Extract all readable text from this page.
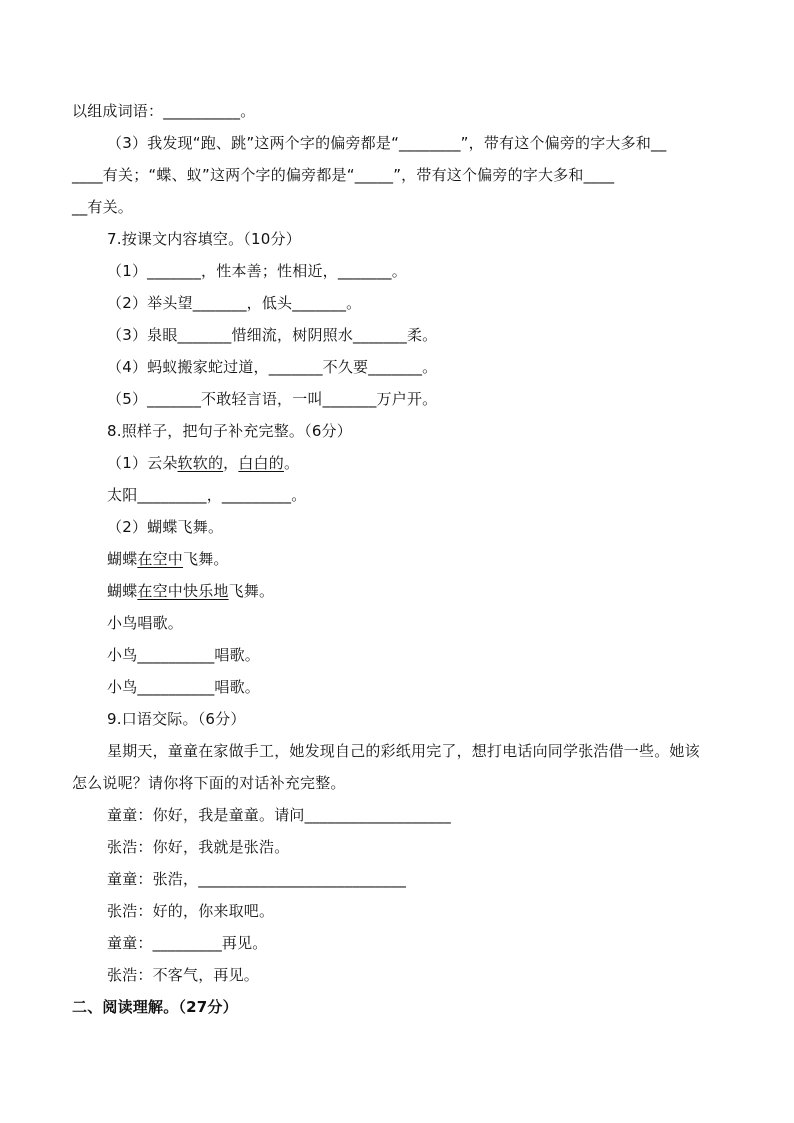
以组成词语：__________。
（3）我发现“跑、跳”这两个字的偏旁都是“________”，带有这个偏旁的字大多和__
____有关；“蝶、蚁”这两个字的偏旁都是“_____”，带有这个偏旁的字大多和____
__有关。
7.按课文内容填空。（10分）
（1）_______，性本善；性相近，_______。
（2）举头望_______，低头_______。
（3）泉眼_______惜细流，树阴照水_______柔。
（4）蚂蚁搬家蛇过道，_______不久要_______。
（5）_______不敢轻言语，一叫_______万户开。
8.照样子，把句子补充完整。（6分）
（1）云朵软软的，白白的。
太阳_________，_________。
（2）蝴蝶飞舞。
蝴蝶在空中飞舞。
蝴蝶在空中快乐地飞舞。
小鸟唱歌。
小鸟__________唱歌。
小鸟__________唱歌。
9.口语交际。（6分）
星期天，童童在家做手工，她发现自己的彩纸用完了，想打电话向同学张浩借一些。她该
怎么说呢？请你将下面的对话补充完整。
童童：你好，我是童童。请问___________________
张浩：你好，我就是张浩。
童童：张浩，___________________________
张浩：好的，你来取吧。
童童：_________再见。
张浩：不客气，再见。
二、阅读理解。（27分）
